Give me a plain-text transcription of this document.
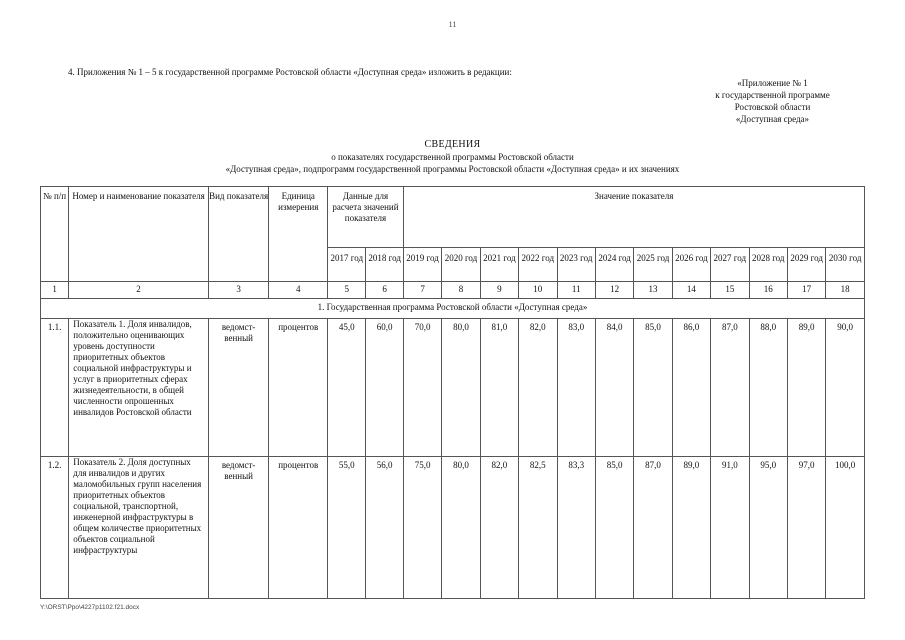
11
4. Приложения № 1 – 5 к государственной программе Ростовской области «Доступная среда» изложить в редакции:
«Приложение № 1
к государственной программе
Ростовской области
«Доступная среда»
СВЕДЕНИЯ
о показателях государственной программы Ростовской области
«Доступная среда», подпрограмм государственной программы Ростовской области «Доступная среда» и их значениях
№ п/п	Номер и наименование показателя	Вид показателя	Единица измерения	Данные для расчета значений показателя		Значение показателя											
				2017 год	2018 год	2019 год	2020 год	2021 год	2022 год	2023 год	2024 год	2025 год	2026 год	2027 год	2028 год	2029 год	2030 год
1	2	3	4	5	6	7	8	9	10	11	12	13	14	15	16	17	18
1. Государственная программа Ростовской области «Доступная среда»																	
1.1.	Показатель 1. Доля инвалидов, положительно оценивающих уровень доступности приоритетных объектов социальной инфраструктуры и услуг в приоритетных сферах жизнедеятельности, в общей численности опрошенных инвалидов Ростовской области	ведомст-венный	процентов	45,0	60,0	70,0	80,0	81,0	82,0	83,0	84,0	85,0	86,0	87,0	88,0	89,0	90,0
1.2.	Показатель 2. Доля доступных для инвалидов и других маломобильных групп населения приоритетных объектов социальной, транспортной, инженерной инфраструктуры в общем количестве приоритетных объектов социальной инфраструктуры	ведомст-венный	процентов	55,0	56,0	75,0	80,0	82,0	82,5	83,3	85,0	87,0	89,0	91,0	95,0	97,0	100,0
Y:\ORST\Ppo\4227p1102.f21.docx
